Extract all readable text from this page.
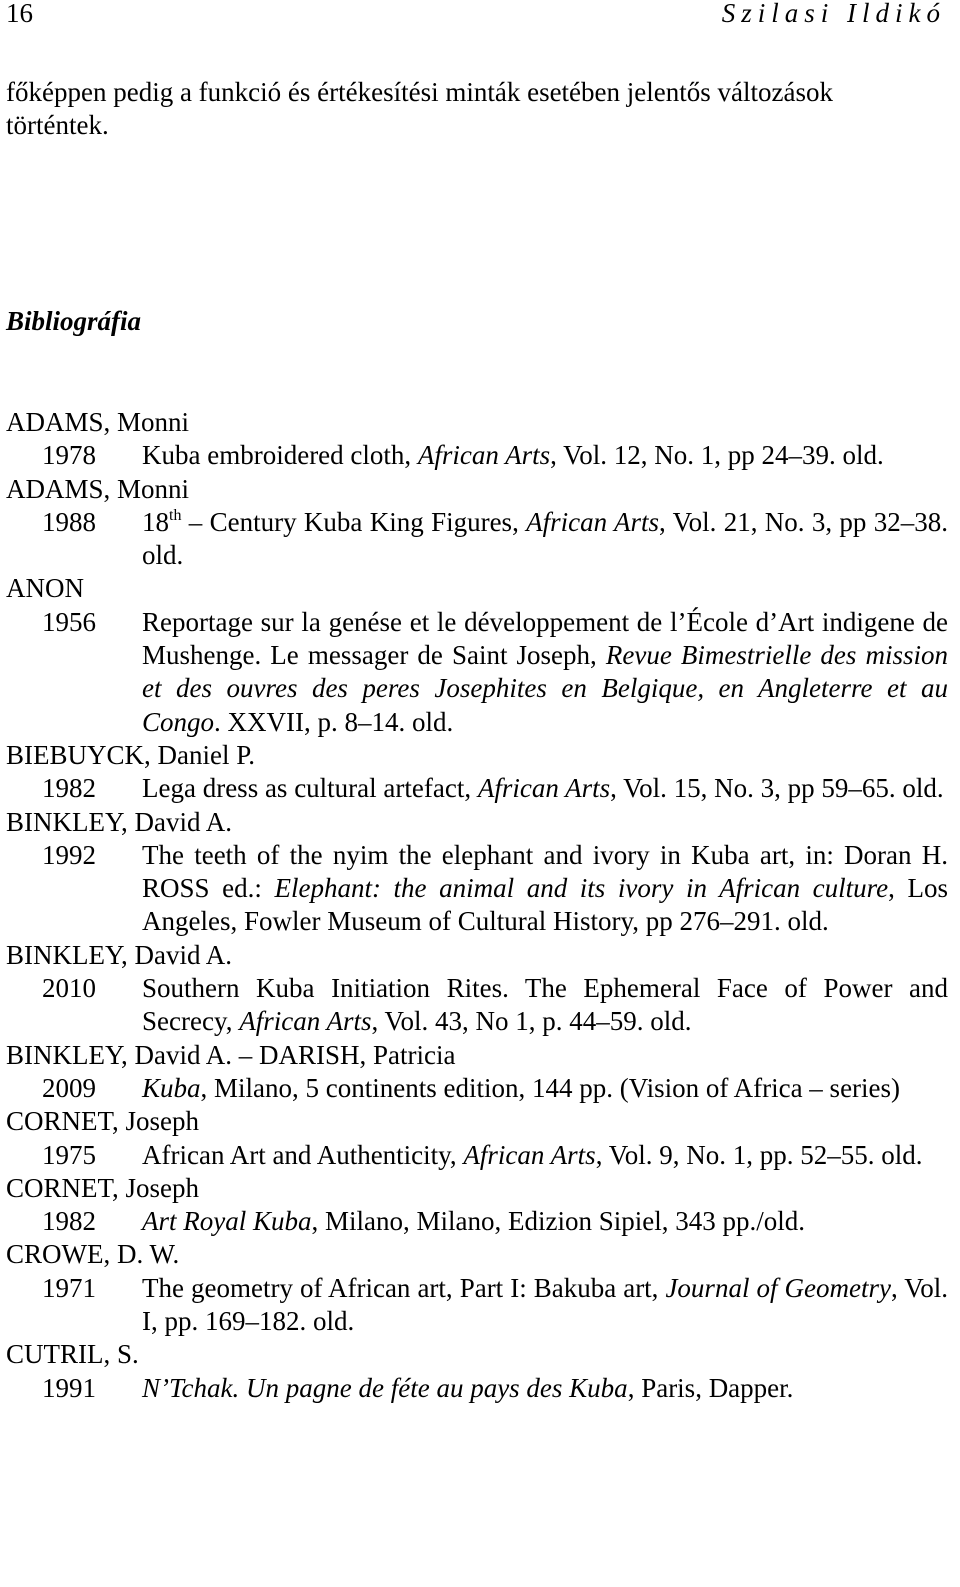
16	Szilasi Ildikó
főképpen pedig a funkció és értékesítési minták esetében jelentős változások történtek.
Bibliográfia
ADAMS, Monni
1978	Kuba embroidered cloth, African Arts, Vol. 12, No. 1, pp 24–39. old.
ADAMS, Monni
1988	18th – Century Kuba King Figures, African Arts, Vol. 21, No. 3, pp 32–38. old.
ANON
1956	Reportage sur la genése et le développement de l’École d’Art indigene de Mushenge. Le messager de Saint Joseph, Revue Bimestrielle des mission et des ouvres des peres Josephites en Belgique, en Angleterre et au Congo. XXVII, p. 8–14. old.
BIEBUYCK, Daniel P.
1982	Lega dress as cultural artefact, African Arts, Vol. 15, No. 3, pp 59–65. old.
BINKLEY, David A.
1992	The teeth of the nyim the elephant and ivory in Kuba art, in: Doran H. ROSS ed.: Elephant: the animal and its ivory in African culture, Los Angeles, Fowler Museum of Cultural History, pp 276–291. old.
BINKLEY, David A.
2010	Southern Kuba Initiation Rites. The Ephemeral Face of Power and Secrecy, African Arts, Vol. 43, No 1, p. 44–59. old.
BINKLEY, David A. – DARISH, Patricia
2009	Kuba, Milano, 5 continents edition, 144 pp. (Vision of Africa – series)
CORNET, Joseph
1975	African Art and Authenticity, African Arts, Vol. 9, No. 1, pp. 52–55. old.
CORNET, Joseph
1982	Art Royal Kuba, Milano, Milano, Edizion Sipiel, 343 pp./old.
CROWE, D. W.
1971	The geometry of African art, Part I: Bakuba art, Journal of Geometry, Vol. I, pp. 169–182. old.
CUTRIL, S.
1991	N’Tchak. Un pagne de féte au pays des Kuba, Paris, Dapper.
